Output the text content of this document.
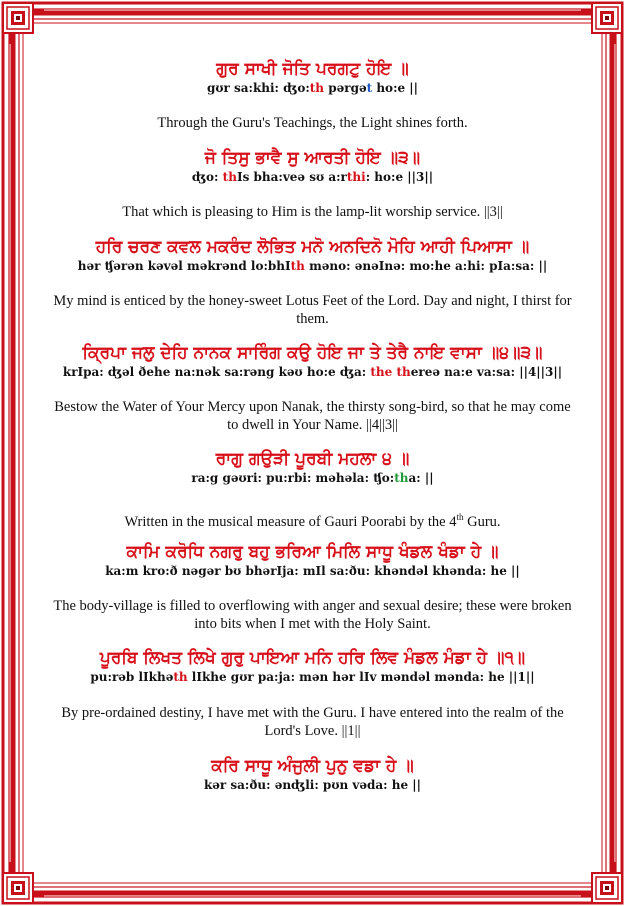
ਗੁਰ ਸਾਖੀ ਜੋਤਿ ਪਰਗਟੁ ਹੋਇ ॥
gʊr sa:khi: ʤo:th pərgət ho:e ||
Through the Guru's Teachings, the Light shines forth.
ਜੋ ਤਿਸੁ ਭਾਵੈ ਸੁ ਆਰਤੀ ਹੋਇ ॥੩॥
ʤo: thIs bha:veə sʊ a:rthi: ho:e ||3||
That which is pleasing to Him is the lamp-lit worship service. ||3||
ਹਰਿ ਚਰਣ ਕਵਲ ਮਕਰੰਦ ਲੋਭਿਤ ਮਨੋ ਅਨਦਿਨੋ ਮੋਹਿ ਆਹੀ ਪਿਆਸਾ ॥
hər ʧərən kəvəl məkrənd lo:bhIth məno: ənəInə: mo:he a:hi: pIa:sa: ||
My mind is enticed by the honey-sweet Lotus Feet of the Lord. Day and night, I thirst for them.
ਕ੍ਰਿਪਾ ਜਲੁ ਦੇਹਿ ਨਾਨਕ ਸਾਰਿੰਗ ਕਉ ਹੋਇ ਜਾ ਤੇ ਤੇਰੈ ਨਾਇ ਵਾਸਾ ॥੪॥੩॥
krIpa: ʤəl ðehe na:nək sa:rəng kəʊ ho:e ʤa: the thereə na:e va:sa: ||4||3||
Bestow the Water of Your Mercy upon Nanak, the thirsty song-bird, so that he may come to dwell in Your Name. ||4||3||
ਰਾਗੁ ਗਉੜੀ ਪੂਰਬੀ ਮਹਲਾ ੪ ॥
ra:g gəʊri: pu:rbi: məhəla: ʧo:tha: ||
Written in the musical measure of Gauri Poorabi by the 4th Guru.
ਕਾਮਿ ਕਰੋਧਿ ਨਗਰੁ ਬਹੁ ਭਰਿਆ ਮਿਲਿ ਸਾਧੂ ਖੰਡਲ ਖੰਡਾ ਹੇ ॥
ka:m kro:ð nəgər bʊ bhərIja: mIl sa:ðu: khəndəl khənda: he ||
The body-village is filled to overflowing with anger and sexual desire; these were broken into bits when I met with the Holy Saint.
ਪੂਰਬਿ ਲਿਖਤ ਲਿਖੇ ਗੁਰੁ ਪਾਇਆ ਮਨਿ ਹਰਿ ਲਿਵ ਮੰਡਲ ਮੰਡਾ ਹੇ ॥੧॥
pu:rəb lIkhəth lIkhe gʊr pa:ja: mən hər lIv məndəl mənda: he ||1||
By pre-ordained destiny, I have met with the Guru. I have entered into the realm of the Lord's Love. ||1||
ਕਰਿ ਸਾਧੂ ਅੰਜੁਲੀ ਪੁਨੁ ਵਡਾ ਹੇ ॥
kər sa:ðu: ənʤli: pʊn vəda: he ||
